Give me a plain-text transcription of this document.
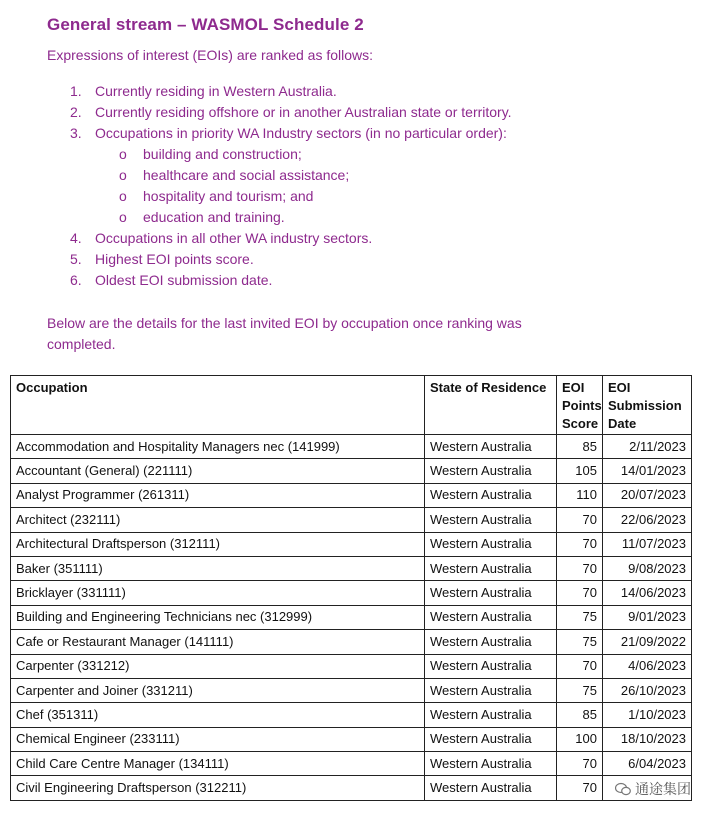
General stream – WASMOL Schedule 2
Expressions of interest (EOIs) are ranked as follows:
1. Currently residing in Western Australia.
2. Currently residing offshore or in another Australian state or territory.
3. Occupations in priority WA Industry sectors (in no particular order):
o building and construction;
o healthcare and social assistance;
o hospitality and tourism; and
o education and training.
4. Occupations in all other WA industry sectors.
5. Highest EOI points score.
6. Oldest EOI submission date.
Below are the details for the last invited EOI by occupation once ranking was completed.
Occupation	State of Residence	EOI Points Score	EOI Submission Date
Accommodation and Hospitality Managers nec (141999)	Western Australia	85	2/11/2023
Accountant (General) (221111)	Western Australia	105	14/01/2023
Analyst Programmer (261311)	Western Australia	110	20/07/2023
Architect (232111)	Western Australia	70	22/06/2023
Architectural Draftsperson (312111)	Western Australia	70	11/07/2023
Baker (351111)	Western Australia	70	9/08/2023
Bricklayer (331111)	Western Australia	70	14/06/2023
Building and Engineering Technicians nec (312999)	Western Australia	75	9/01/2023
Cafe or Restaurant Manager (141111)	Western Australia	75	21/09/2022
Carpenter (331212)	Western Australia	70	4/06/2023
Carpenter and Joiner (331211)	Western Australia	75	26/10/2023
Chef (351311)	Western Australia	85	1/10/2023
Chemical Engineer (233111)	Western Australia	100	18/10/2023
Child Care Centre Manager (134111)	Western Australia	70	6/04/2023
Civil Engineering Draftsperson (312211)	Western Australia	70		通途集团
